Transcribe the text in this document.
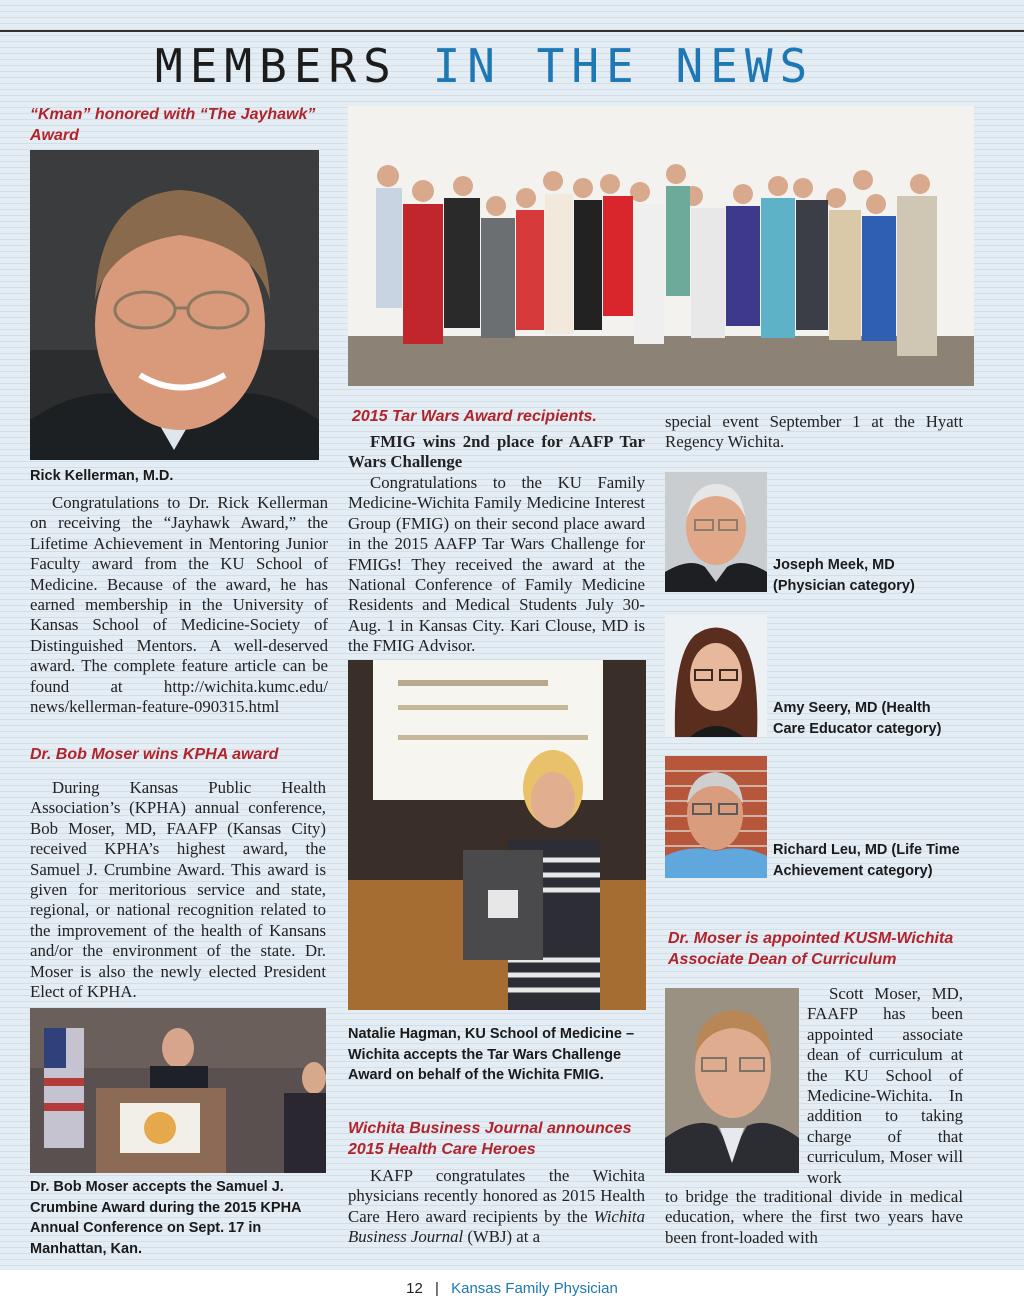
MEMBERS IN THE NEWS
“Kman” honored with “The Jayhawk” Award
Rick Kellerman, M.D.

Congratulations to Dr. Rick Kellerman on receiving the “Jayhawk Award,” the Lifetime Achievement in Mentoring Junior Faculty award from the KU School of Medicine. Because of the award, he has earned membership in the University of Kansas School of Medicine-Society of Distinguished Mentors. A well-deserved award. The complete feature article can be found at http://wichita.kumc.edu/ news/kellerman-feature-090315.html

Dr. Bob Moser wins KPHA award

During Kansas Public Health Association’s (KPHA) annual conference, Bob Moser, MD, FAAFP (Kansas City) received KPHA’s highest award, the Samuel J. Crumbine Award. This award is given for meritorious service and state, regional, or national recognition related to the improvement of the health of Kansans and/or the environment of the state. Dr. Moser is also the newly elected President Elect of KPHA.

Dr. Bob Moser accepts the Samuel J. Crumbine Award during the 2015 KPHA Annual Conference on Sept. 17 in Manhattan, Kan.
2015 Tar Wars Award recipients.
FMIG wins 2nd place for AAFP Tar Wars Challenge

Congratulations to the KU Family Medicine-Wichita Family Medicine Interest Group (FMIG) on their second place award in the 2015 AAFP Tar Wars Challenge for FMIGs! They received the award at the National Conference of Family Medicine Residents and Medical Students July 30-Aug. 1 in Kansas City. Kari Clouse, MD is the FMIG Advisor.

Natalie Hagman, KU School of Medicine – Wichita accepts the Tar Wars Challenge Award on behalf of the Wichita FMIG.
Wichita Business Journal announces 2015 Health Care Heroes

KAFP congratulates the Wichita physicians recently honored as 2015 Health Care Hero award recipients by the Wichita Business Journal (WBJ) at a

special event September 1 at the Hyatt Regency Wichita.

Joseph Meek, MD (Physician category)
Amy Seery, MD (Health Care Educator category)
Richard Leu, MD (Life Time Achievement category)
Dr. Moser is appointed KUSM-Wichita Associate Dean of Curriculum

Scott Moser, MD, FAAFP has been appointed associate dean of curriculum at the KU School of Medicine-Wichita. In addition to taking charge of that curriculum, Moser will work

to bridge the traditional divide in medical education, where the first two years have been front-loaded with

12 | Kansas Family Physician
